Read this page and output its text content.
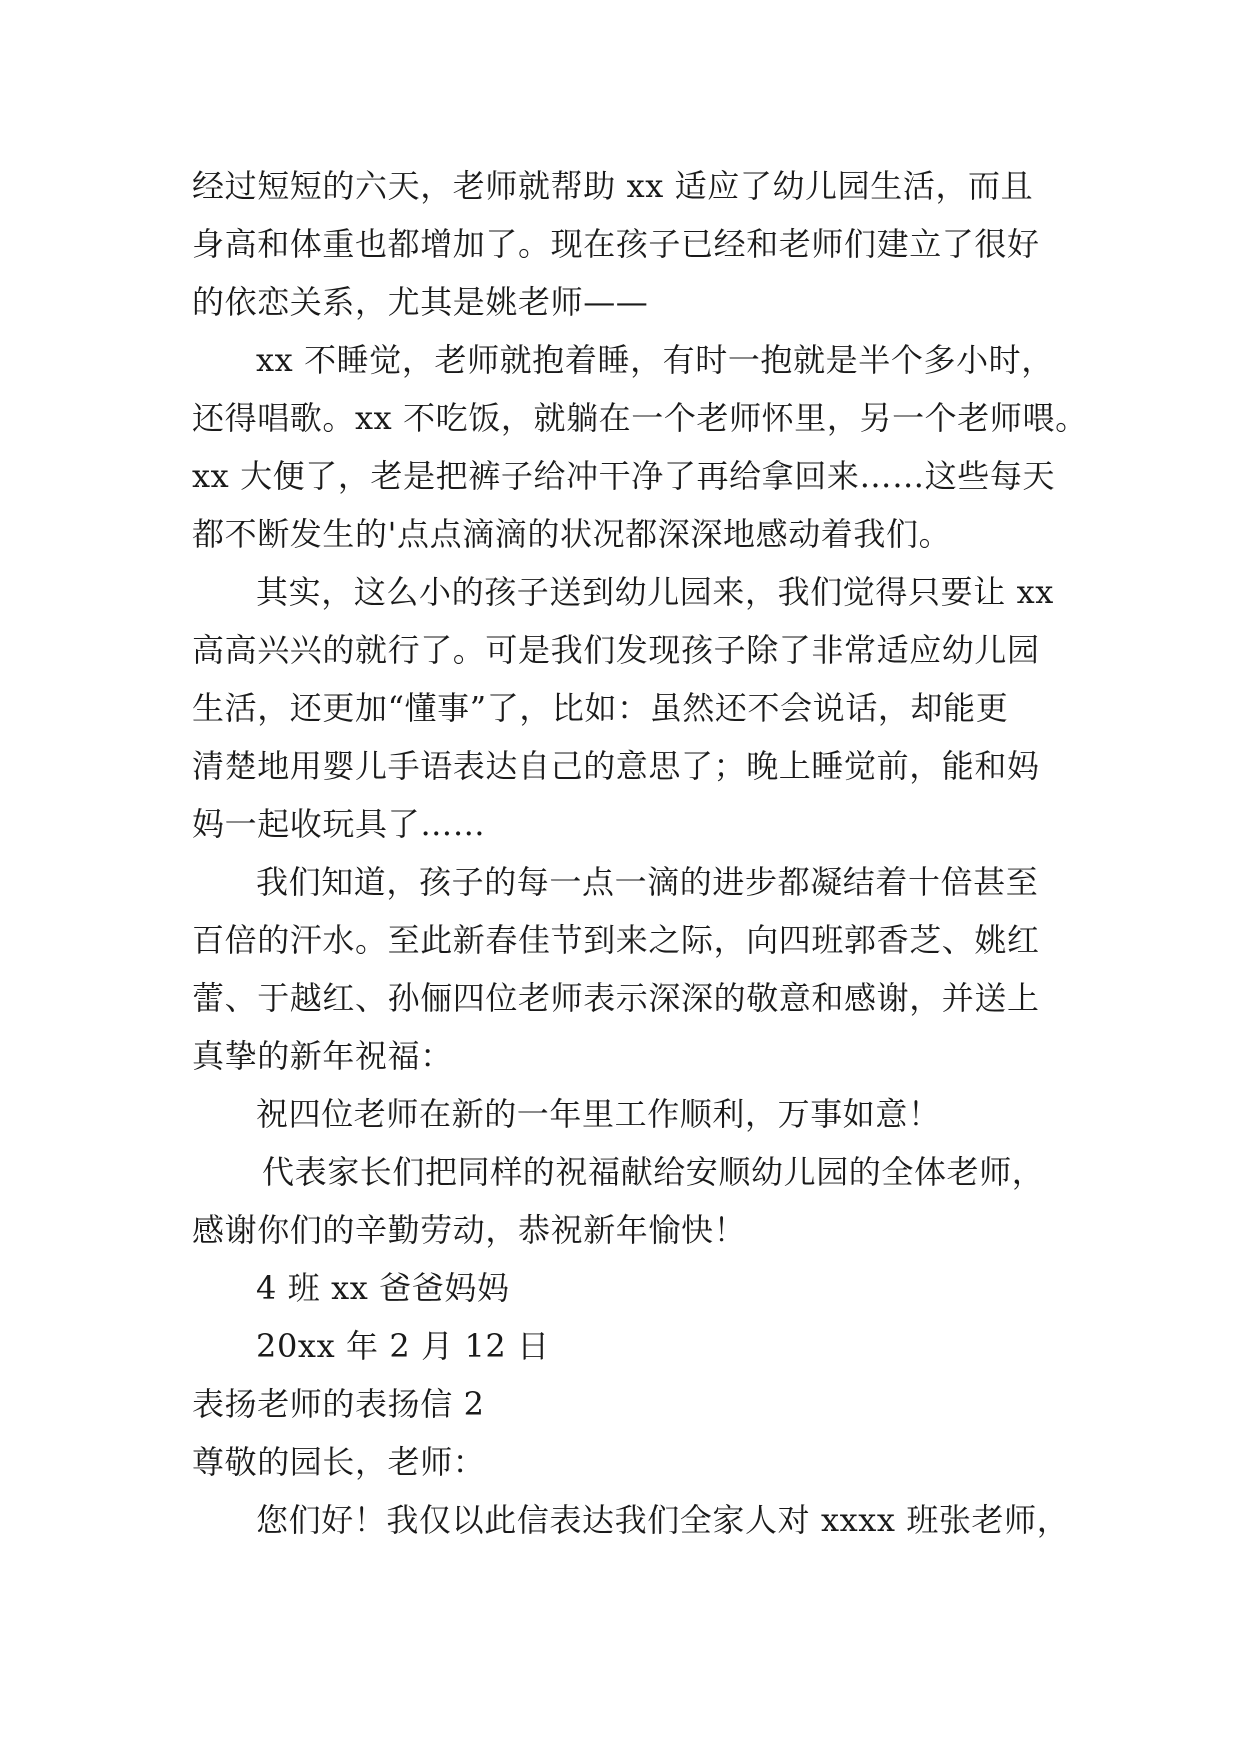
经过短短的六天，老师就帮助 xx 适应了幼儿园生活，而且
身高和体重也都增加了。现在孩子已经和老师们建立了很好
的依恋关系，尤其是姚老师——
xx 不睡觉，老师就抱着睡，有时一抱就是半个多小时，
还得唱歌。xx 不吃饭，就躺在一个老师怀里，另一个老师喂。
xx 大便了，老是把裤子给冲干净了再给拿回来……这些每天
都不断发生的'点点滴滴的状况都深深地感动着我们。
其实，这么小的孩子送到幼儿园来，我们觉得只要让 xx
高高兴兴的就行了。可是我们发现孩子除了非常适应幼儿园
生活，还更加“懂事”了，比如：虽然还不会说话，却能更
清楚地用婴儿手语表达自己的意思了；晚上睡觉前，能和妈
妈一起收玩具了……
我们知道，孩子的每一点一滴的进步都凝结着十倍甚至
百倍的汗水。至此新春佳节到来之际，向四班郭香芝、姚红
蕾、于越红、孙俪四位老师表示深深的敬意和感谢，并送上
真挚的新年祝福：
祝四位老师在新的一年里工作顺利，万事如意！
代表家长们把同样的祝福献给安顺幼儿园的全体老师，
感谢你们的辛勤劳动，恭祝新年愉快！
4 班 xx 爸爸妈妈
20xx 年 2 月 12 日
表扬老师的表扬信 2
尊敬的园长，老师：
您们好！我仅以此信表达我们全家人对 xxxx 班张老师，
